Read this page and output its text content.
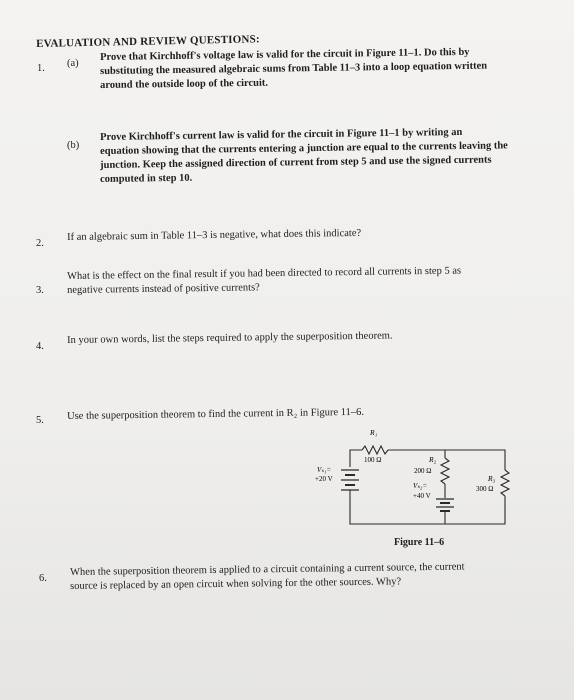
EVALUATION AND REVIEW QUESTIONS:
1. (a)
Prove that Kirchhoff's voltage law is valid for the circuit in Figure 11–1. Do this by
substituting the measured algebraic sums from Table 11–3 into a loop equation written
around the outside loop of the circuit.
(b)
Prove Kirchhoff's current law is valid for the circuit in Figure 11–1 by writing an
equation showing that the currents entering a junction are equal to the currents leaving the
junction. Keep the assigned direction of current from step 5 and use the signed currents
computed in step 10.
2.
If an algebraic sum in Table 11–3 is negative, what does this indicate?
3.
What is the effect on the final result if you had been directed to record all currents in step 5 as
negative currents instead of positive currents?
4.
In your own words, list the steps required to apply the superposition theorem.
5. Use the superposition theorem to find the current in R₂ in Figure 11–6.
R₁
100 Ω	R₂
200 Ω
R₃
300 Ω
Vₛ₁=
+20 V
Vₛ₂=
+40 V
Figure 11–6
6.
When the superposition theorem is applied to a circuit containing a current source, the current
source is replaced by an open circuit when solving for the other sources. Why?
